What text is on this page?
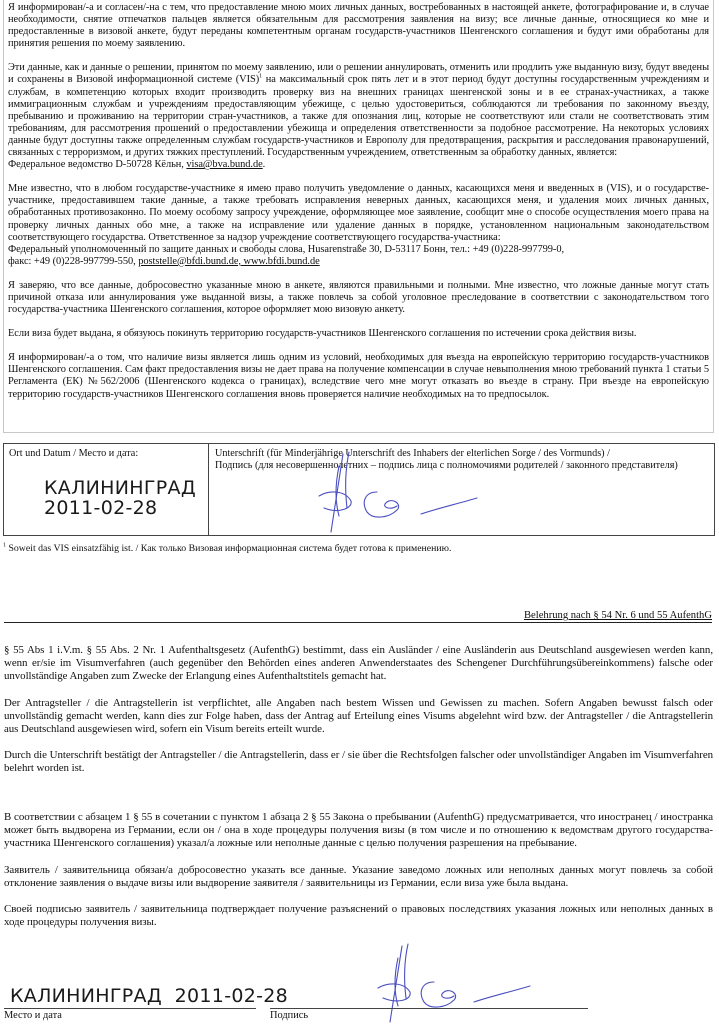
Я информирован/-а и согласен/-на с тем, что предоставление мною моих личных данных, востребованных в настоящей анкете, фотографирование и, в случае необходимости, снятие отпечатков пальцев является обязательным для рассмотрения заявления на визу; все личные данные, относящиеся ко мне и предоставленные в визовой анкете, будут переданы компетентным органам государств-участников Шенгенского соглашения и будут ими обработаны для принятия решения по моему заявлению.

Эти данные, как и данные о решении, принятом по моему заявлению, или о решении аннулировать, отменить или продлить уже выданную визу, будут введены и сохранены в Визовой информационной системе (VIS)$^1$ на максимальный срок пять лет и в этот период будут доступны государственным учреждениям и службам, в компетенцию которых входит производить проверку виз на внешних границах шенгенской зоны и в ее странах-участниках, а также иммиграционным службам и учреждениям предоставляющим убежище, с целью удостовериться, соблюдаются ли требования по законному въезду, пребыванию и проживанию на территории стран-участников, а также для опознания лиц, которые не соответствуют или стали не соответствовать этим требованиям, для рассмотрения прошений о предоставлении убежища и определения ответственности за подобное рассмотрение. На некоторых условиях данные будут доступны также определенным службам государств-участников и Европолу для предотвращения, раскрытия и расследования правонарушений, связанных с терроризмом, и других тяжких преступлений. Государственным учреждением, ответственным за обработку данных, является:
Федеральное ведомство D-50728 Кёльн, visa@bva.bund.de.

Мне известно, что в любом государстве-участнике я имею право получить уведомление о данных, касающихся меня и введенных в (VIS), и о государстве-участнике, предоставившем такие данные, а также требовать исправления неверных данных, касающихся меня, и удаления моих личных данных, обработанных противозаконно. По моему особому запросу учреждение, оформляющее мое заявление, сообщит мне о способе осуществления моего права на проверку личных данных обо мне, а также на исправление или удаление данных в порядке, установленном национальным законодательством соответствующего государства. Ответственное за надзор учреждение соответствующего государства-участника:
Федеральный уполномоченный по защите данных и свободы слова, Husarenstraße 30, D-53117 Бонн, тел.: +49 (0)228-997799-0,
факс: +49 (0)228-997799-550, poststelle@bfdi.bund.de, www.bfdi.bund.de

Я заверяю, что все данные, добросовестно указанные мною в анкете, являются правильными и полными. Мне известно, что ложные данные могут стать причиной отказа или аннулирования уже выданной визы, а также повлечь за собой уголовное преследование в соответствии с законодательством того государства-участника Шенгенского соглашения, которое оформляет мою визовую анкету.

Если виза будет выдана, я обязуюсь покинуть территорию государств-участников Шенгенского соглашения по истечении срока действия визы.

Я информирован/-а о том, что наличие визы является лишь одним из условий, необходимых для въезда на европейскую территорию государств-участников Шенгенского соглашения. Сам факт предоставления визы не дает права на получение компенсации в случае невыполнения мною требований пункта 1 статьи 5 Регламента (ЕК) №562/2006 (Шенгенского кодекса о границах), вследствие чего мне могут отказать во въезде в страну. При въезде на европейскую территорию государств-участников Шенгенского соглашения вновь проверяется наличие необходимых на то предпосылок.

Ort und Datum / Место и дата:
КАЛИНИНГРАД
2011-02-28
Unterschrift (für Minderjährige Unterschrift des Inhabers der elterlichen Sorge / des Vormunds) /
Подпись (для несовершеннолетних – подпись лица с полномочиями родителей / законного представителя)
$^1$ Soweit das VIS einsatzfähig ist. / Как только Визовая информационная система будет готова к применению.
Belehrung nach § 54 Nr. 6 und 55 AufenthG

§ 55 Abs 1 i.V.m. § 55 Abs. 2 Nr. 1 Aufenthaltsgesetz (AufenthG) bestimmt, dass ein Ausländer / eine Ausländerin aus Deutschland ausgewiesen werden kann, wenn er/sie im Visumverfahren (auch gegenüber den Behörden eines anderen Anwenderstaates des Schengener Durchführungsübereinkommens) falsche oder unvollständige Angaben zum Zwecke der Erlangung eines Aufenthaltstitels gemacht hat.

Der Antragsteller / die Antragstellerin ist verpflichtet, alle Angaben nach bestem Wissen und Gewissen zu machen. Sofern Angaben bewusst falsch oder unvollständig gemacht werden, kann dies zur Folge haben, dass der Antrag auf Erteilung eines Visums abgelehnt wird bzw. der Antragsteller / die Antragstellerin aus Deutschland ausgewiesen wird, sofern ein Visum bereits erteilt wurde.

Durch die Unterschrift bestätigt der Antragsteller / die Antragstellerin, dass er / sie über die Rechtsfolgen falscher oder unvollständiger Angaben im Visumverfahren belehrt worden ist.

В соответствии с абзацем 1 § 55 в сочетании с пунктом 1 абзаца 2 § 55 Закона о пребывании (AufenthG) предусматривается, что иностранец / иностранка может быть выдворена из Германии, если он / она в ходе процедуры получения визы (в том числе и по отношению к ведомствам другого государства-участника Шенгенского соглашения) указал/а ложные или неполные данные с целью получения разрешения на пребывание.

Заявитель / заявительница обязан/а добросовестно указать все данные. Указание заведомо ложных или неполных данных могут повлечь за собой отклонение заявления о выдаче визы или выдворение заявителя / заявительницы из Германии, если виза уже была выдана.

Своей подписью заявитель / заявительница подтверждает получение разъяснений о правовых последствиях указания ложных или неполных данных в ходе процедуры получения визы.

КАЛИНИНГРАД  2011-02-28
Место и дата	Подпись
